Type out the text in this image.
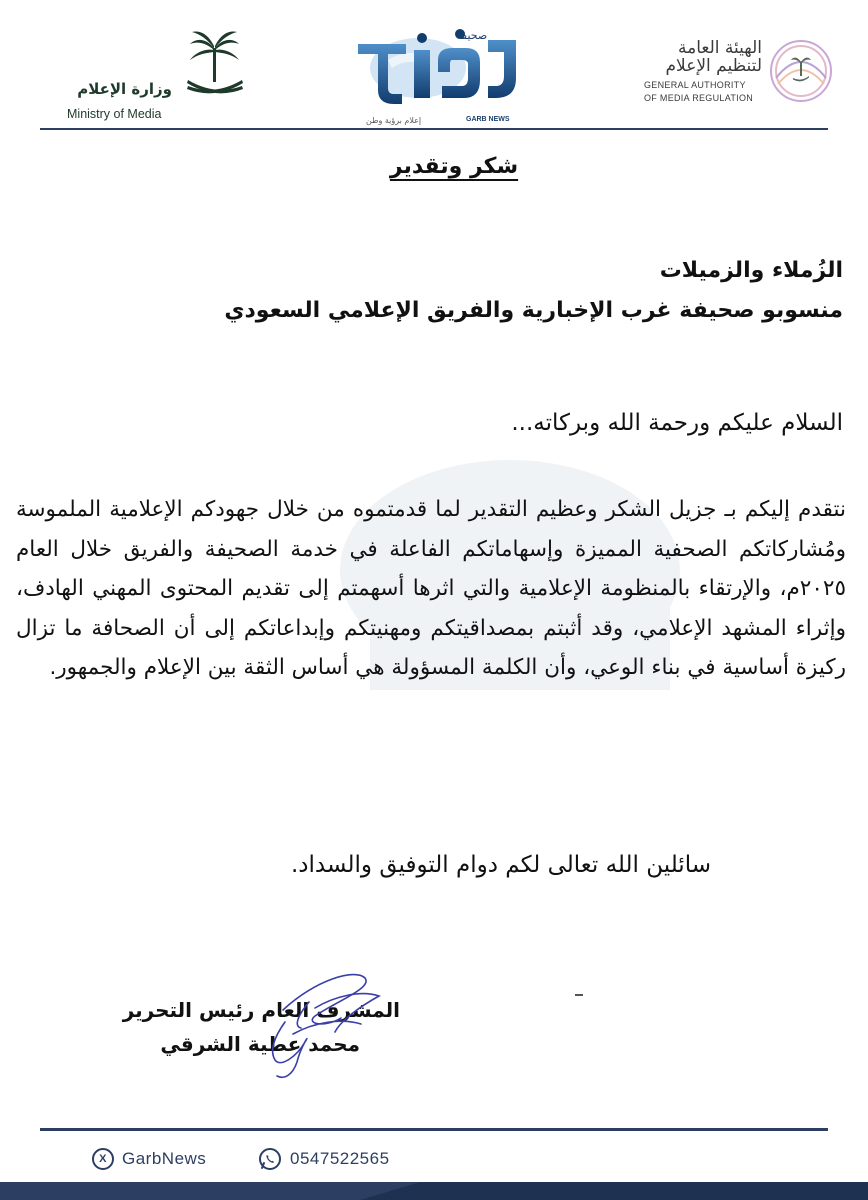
وزارة الإعلام
Ministry of Media
صحيفة
إعلام برؤية وطن	GARB NEWS
الهيئة العامة
لتنظيم الإعلام
GENERAL AUTHORITY
OF MEDIA REGULATION
شكر وتقدير
الزُملاء والزميلات
منسوبو صحيفة غرب الإخبارية والفريق الإعلامي السعودي
السلام عليكم ورحمة الله وبركاته...
نتقدم إليكم بـ جزيل الشكر وعظيم التقدير لما قدمتموه من خلال جهودكم الإعلامية الملموسة ومُشاركاتكم الصحفية المميزة وإسهاماتكم الفاعلة في خدمة الصحيفة والفريق خلال العام ٢٠٢٥م، والإرتقاء بالمنظومة الإعلامية والتي اثرها أسهمتم إلى تقديم المحتوى المهني الهادف، وإثراء المشهد الإعلامي، وقد أثبتم بمصداقيتكم ومهنيتكم وإبداعاتكم إلى أن الصحافة ما تزال ركيزة أساسية في بناء الوعي، وأن الكلمة المسؤولة هي أساس الثقة بين الإعلام والجمهور.
سائلين الله تعالى لكم دوام التوفيق والسداد.
المشرف العام رئيس التحرير
محمد عطية الشرقي
X GarbNews	0547522565
